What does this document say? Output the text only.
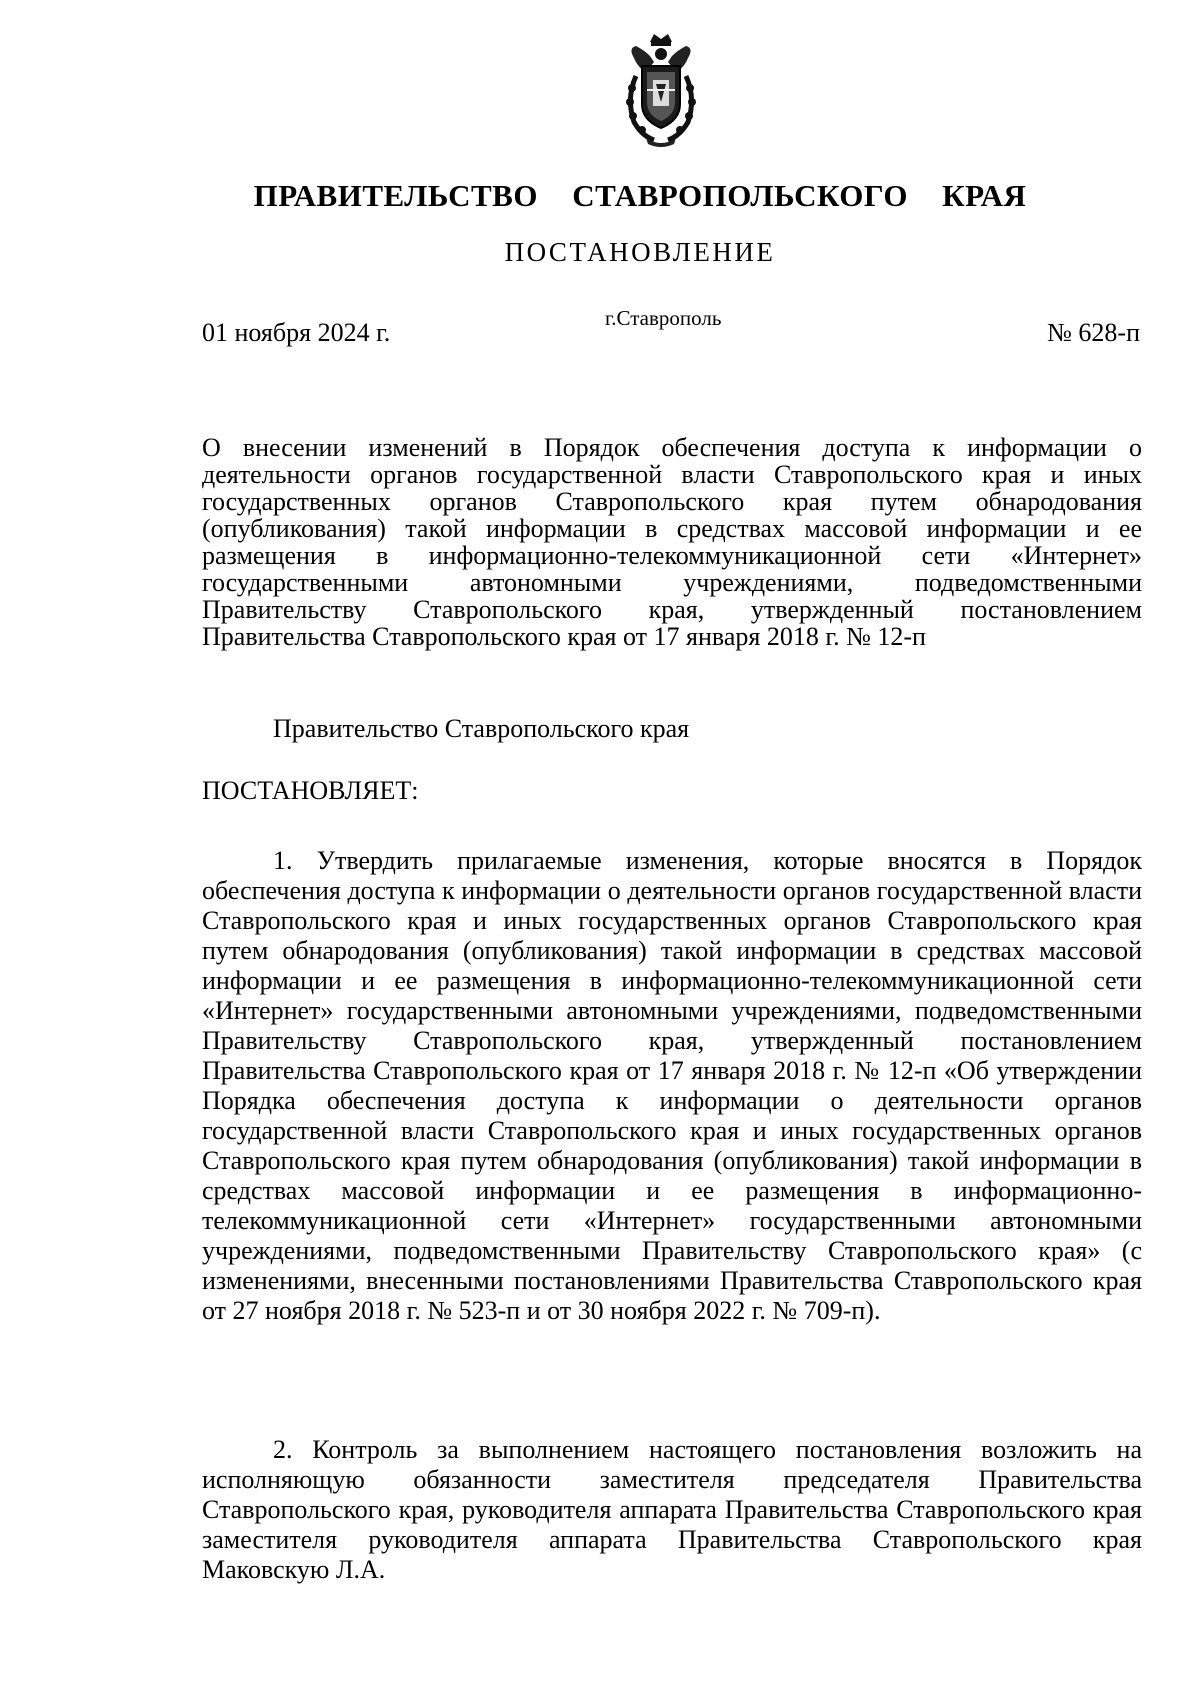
ПРАВИТЕЛЬСТВО СТАВРОПОЛЬСКОГО КРАЯ
ПОСТАНОВЛЕНИЕ
01 ноября 2024 г.	г.Ставрополь	№ 628-п
О внесении изменений в Порядок обеспечения доступа к информации о деятельности органов государственной власти Ставропольского края и иных государственных органов Ставропольского края путем обнародования (опубликования) такой информации в средствах массовой информации и ее размещения в информационно-телекоммуникационной сети «Интернет» государственными автономными учреждениями, подведомственными Правительству Ставропольского края, утвержденный постановлением Правительства Ставропольского края от 17 января 2018 г. № 12-п
Правительство Ставропольского края
ПОСТАНОВЛЯЕТ:
1. Утвердить прилагаемые изменения, которые вносятся в Порядок обеспечения доступа к информации о деятельности органов государственной власти Ставропольского края и иных государственных органов Ставропольского края путем обнародования (опубликования) такой информации в средствах массовой информации и ее размещения в информационно-телекоммуникационной сети «Интернет» государственными автономными учреждениями, подведомственными Правительству Ставропольского края, утвержденный постановлением Правительства Ставропольского края от 17 января 2018 г. № 12-п «Об утверждении Порядка обеспечения доступа к информации о деятельности органов государственной власти Ставропольского края и иных государственных органов Ставропольского края путем обнародования (опубликования) такой информации в средствах массовой информации и ее размещения в информационно-телекоммуникационной сети «Интернет» государственными автономными учреждениями, подведомственными Правительству Ставропольского края» (с изменениями, внесенными постановлениями Правительства Ставропольского края от 27 ноября 2018 г. № 523-п и от 30 ноября 2022 г. № 709-п).
2. Контроль за выполнением настоящего постановления возложить на исполняющую обязанности заместителя председателя Правительства Ставропольского края, руководителя аппарата Правительства Ставропольского края заместителя руководителя аппарата Правительства Ставропольского края Маковскую Л.А.
